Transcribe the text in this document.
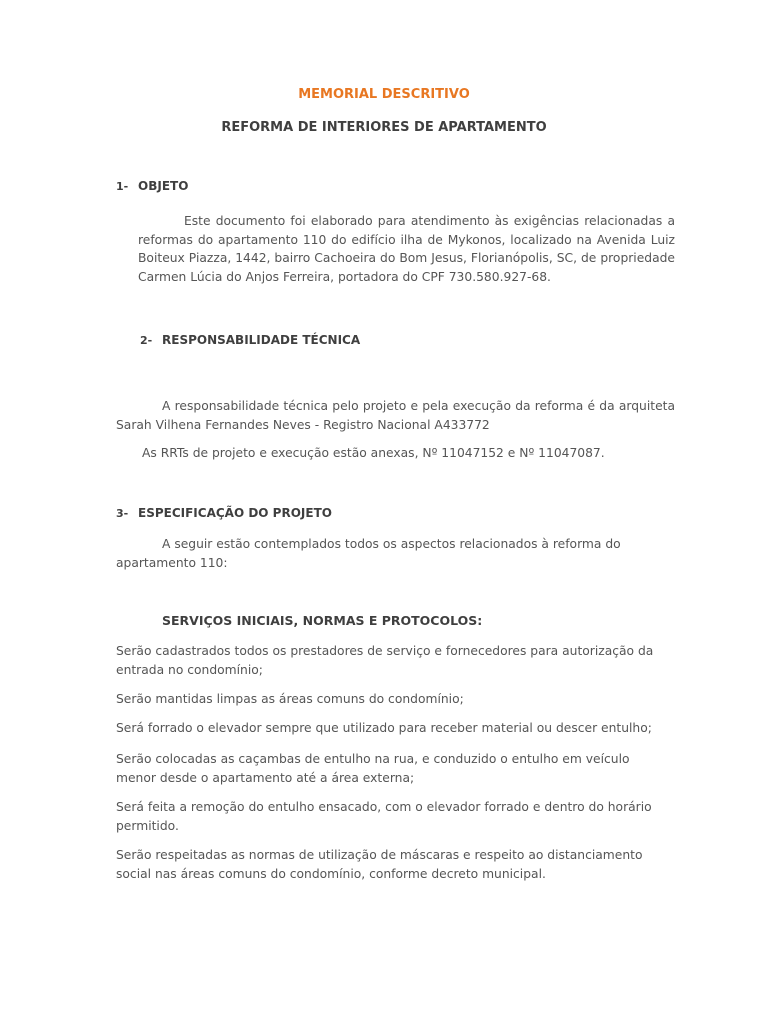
MEMORIAL DESCRITIVO

REFORMA DE INTERIORES DE APARTAMENTO

1- OBJETO

Este documento foi elaborado para atendimento às exigências relacionadas a reformas do apartamento 110 do edifício ilha de Mykonos, localizado na Avenida Luiz Boiteux Piazza, 1442, bairro Cachoeira do Bom Jesus, Florianópolis, SC, de propriedade Carmen Lúcia do Anjos Ferreira, portadora do CPF 730.580.927-68.

2- RESPONSABILIDADE TÉCNICA

A responsabilidade técnica pelo projeto e pela execução da reforma é da arquiteta Sarah Vilhena Fernandes Neves - Registro Nacional A433772

As RRTs de projeto e execução estão anexas, Nº 11047152 e Nº 11047087.

3- ESPECIFICAÇÃO DO PROJETO

A seguir estão contemplados todos os aspectos relacionados à reforma do apartamento 110:

SERVIÇOS INICIAIS, NORMAS E PROTOCOLOS:

Serão cadastrados todos os prestadores de serviço e fornecedores para autorização da entrada no condomínio;

Serão mantidas limpas as áreas comuns do condomínio;

Será forrado o elevador sempre que utilizado para receber material ou descer entulho;

Serão colocadas as caçambas de entulho na rua, e conduzido o entulho em veículo menor desde o apartamento até a área externa;

Será feita a remoção do entulho ensacado, com o elevador forrado e dentro do horário permitido.

Serão respeitadas as normas de utilização de máscaras e respeito ao distanciamento social nas áreas comuns do condomínio, conforme decreto municipal.
